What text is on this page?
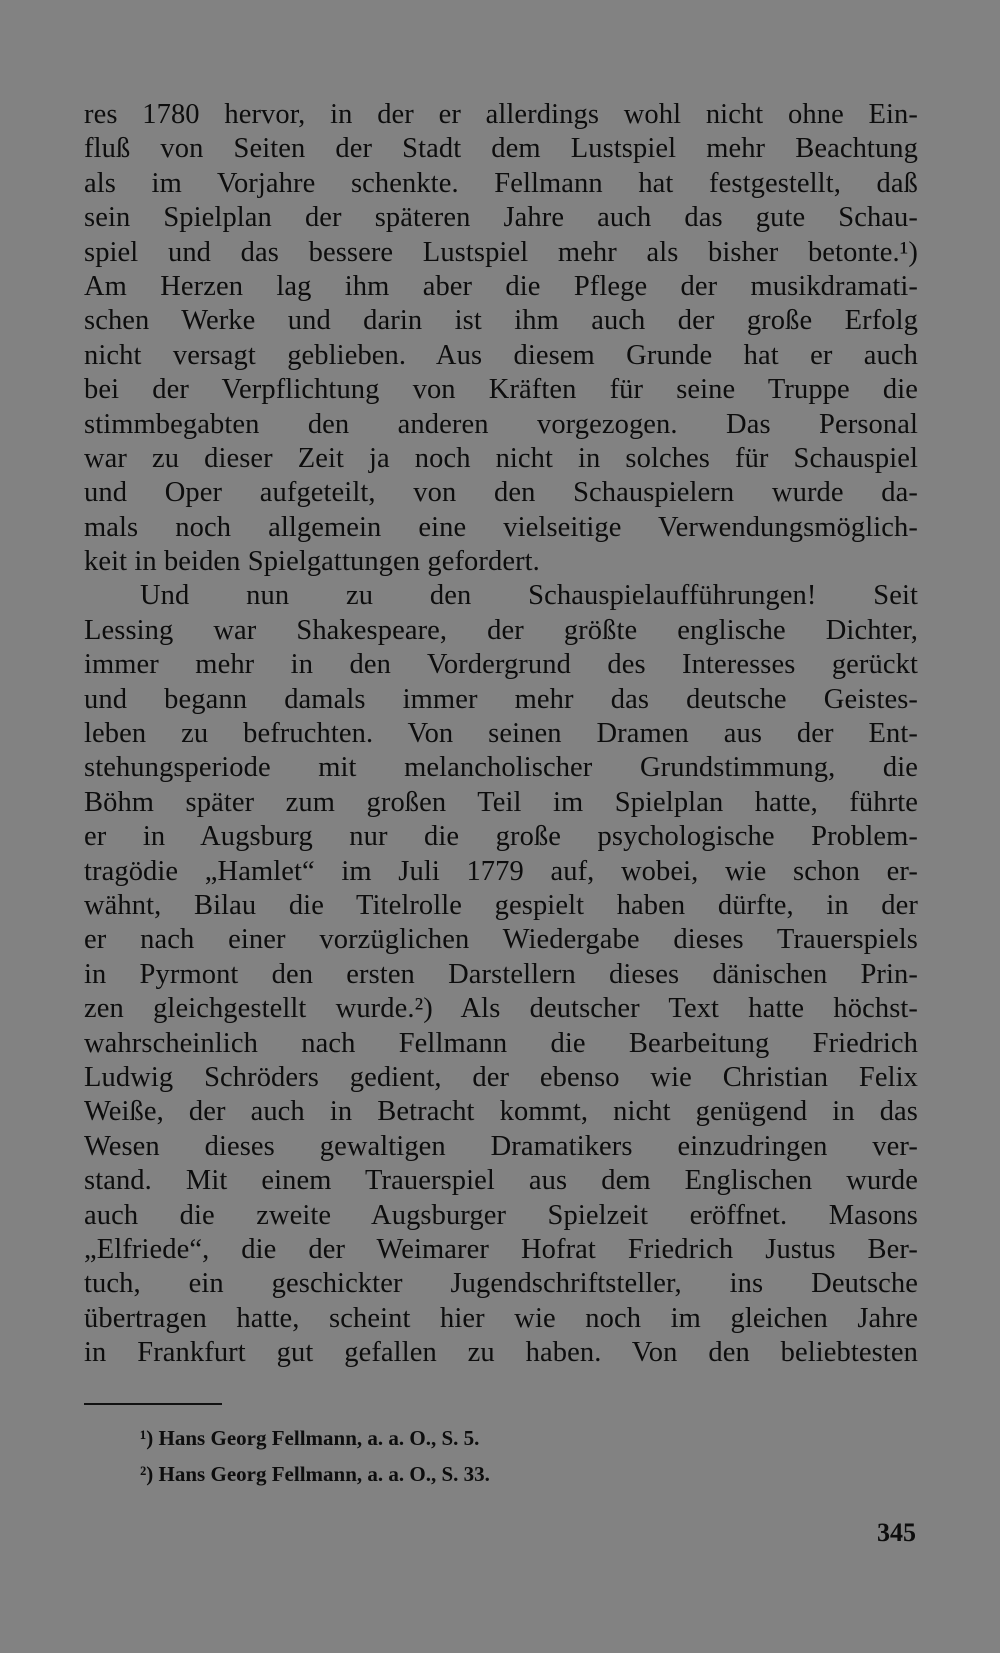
res 1780 hervor, in der er allerdings wohl nicht ohne Ein-
fluß von Seiten der Stadt dem Lustspiel mehr Beachtung
als im Vorjahre schenkte. Fellmann hat festgestellt, daß
sein Spielplan der späteren Jahre auch das gute Schau-
spiel und das bessere Lustspiel mehr als bisher betonte.¹)
Am Herzen lag ihm aber die Pflege der musikdramati-
schen Werke und darin ist ihm auch der große Erfolg
nicht versagt geblieben. Aus diesem Grunde hat er auch
bei der Verpflichtung von Kräften für seine Truppe die
stimmbegabten den anderen vorgezogen. Das Personal
war zu dieser Zeit ja noch nicht in solches für Schauspiel
und Oper aufgeteilt, von den Schauspielern wurde da-
mals noch allgemein eine vielseitige Verwendungsmöglich-
keit in beiden Spielgattungen gefordert.
Und nun zu den Schauspielaufführungen! Seit
Lessing war Shakespeare, der größte englische Dichter,
immer mehr in den Vordergrund des Interesses gerückt
und begann damals immer mehr das deutsche Geistes-
leben zu befruchten. Von seinen Dramen aus der Ent-
stehungsperiode mit melancholischer Grundstimmung, die
Böhm später zum großen Teil im Spielplan hatte, führte
er in Augsburg nur die große psychologische Problem-
tragödie „Hamlet“ im Juli 1779 auf, wobei, wie schon er-
wähnt, Bilau die Titelrolle gespielt haben dürfte, in der
er nach einer vorzüglichen Wiedergabe dieses Trauerspiels
in Pyrmont den ersten Darstellern dieses dänischen Prin-
zen gleichgestellt wurde.²) Als deutscher Text hatte höchst-
wahrscheinlich nach Fellmann die Bearbeitung Friedrich
Ludwig Schröders gedient, der ebenso wie Christian Felix
Weiße, der auch in Betracht kommt, nicht genügend in das
Wesen dieses gewaltigen Dramatikers einzudringen ver-
stand. Mit einem Trauerspiel aus dem Englischen wurde
auch die zweite Augsburger Spielzeit eröffnet. Masons
„Elfriede“, die der Weimarer Hofrat Friedrich Justus Ber-
tuch, ein geschickter Jugendschriftsteller, ins Deutsche
übertragen hatte, scheint hier wie noch im gleichen Jahre
in Frankfurt gut gefallen zu haben. Von den beliebtesten
¹) Hans Georg Fellmann, a. a. O., S. 5.
²) Hans Georg Fellmann, a. a. O., S. 33.
345
